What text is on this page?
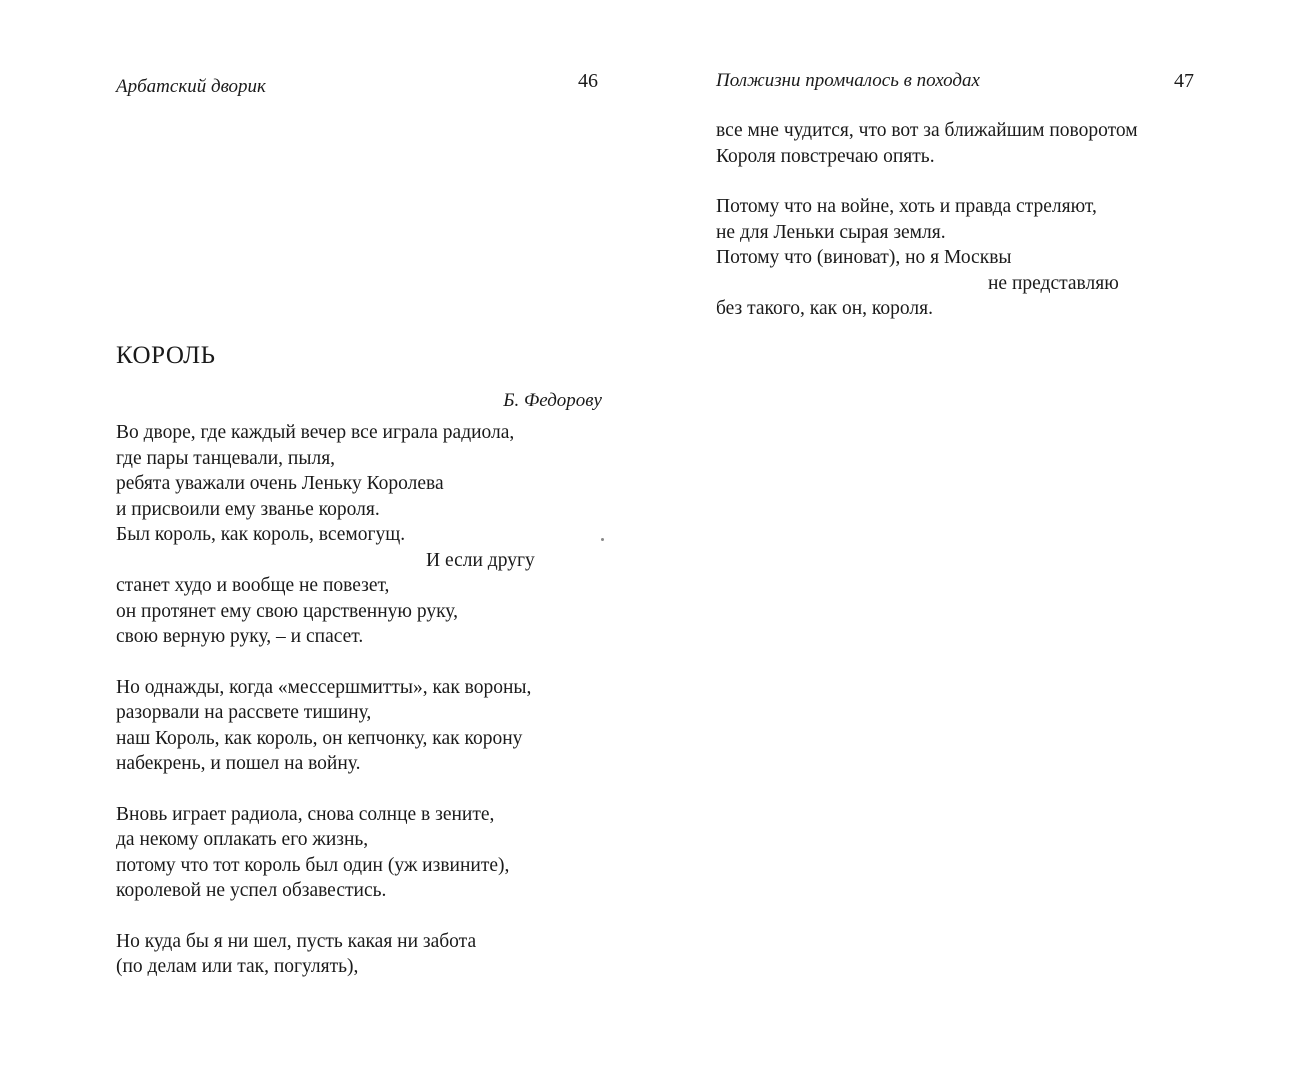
Арбатский дворик	46
КОРОЛЬ
Б. Федорову
Во дворе, где каждый вечер все играла радиола,
где пары танцевали, пыля,
ребята уважали очень Леньку Королева
и присвоили ему званье короля.
Был король, как король, всемогущ.
И если другу
станет худо и вообще не повезет,
он протянет ему свою царственную руку,
свою верную руку, – и спасет.
Но однажды, когда «мессершмитты», как вороны,
разорвали на рассвете тишину,
наш Король, как король, он кепчонку, как корону
набекрень, и пошел на войну.
Вновь играет радиола, снова солнце в зените,
да некому оплакать его жизнь,
потому что тот король был один (уж извините),
королевой не успел обзавестись.
Но куда бы я ни шел, пусть какая ни забота
(по делам или так, погулять),
Полжизни промчалось в походах	47
все мне чудится, что вот за ближайшим поворотом
Короля повстречаю опять.
Потому что на войне, хоть и правда стреляют,
не для Леньки сырая земля.
Потому что (виноват), но я Москвы
не представляю
без такого, как он, короля.
